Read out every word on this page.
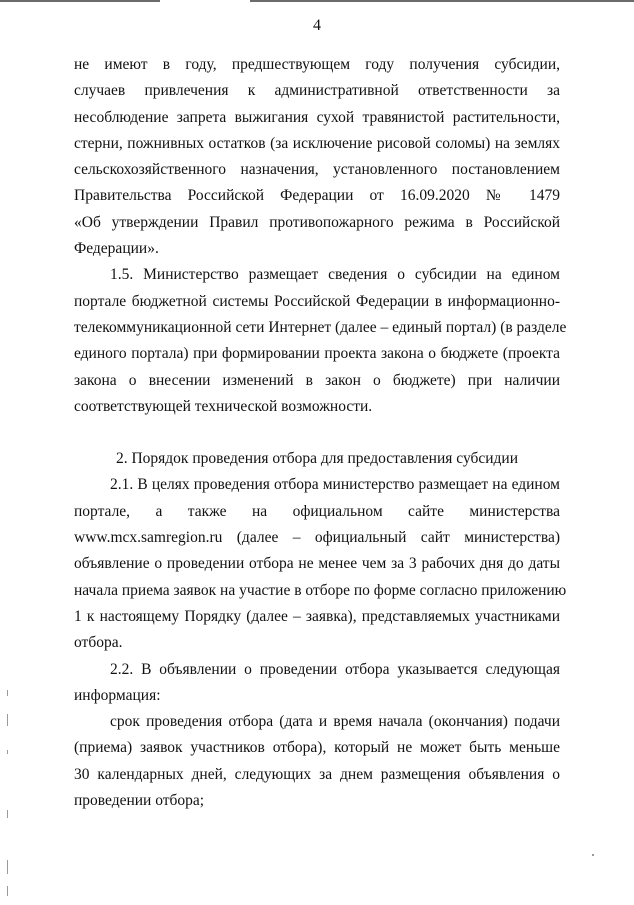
4

не имеют в году, предшествующем году получения субсидии,
случаев привлечения к административной ответственности за
несоблюдение запрета выжигания сухой травянистой растительности,
стерни, пожнивных остатков (за исключение рисовой соломы) на землях
сельскохозяйственного назначения, установленного постановлением
Правительства Российской Федерации от 16.09.2020 № 1479
«Об утверждении Правил противопожарного режима в Российской
Федерации».

1.5. Министерство размещает сведения о субсидии на едином
портале бюджетной системы Российской Федерации в информационно-
телекоммуникационной сети Интернет (далее – единый портал) (в разделе
единого портала) при формировании проекта закона о бюджете (проекта
закона о внесении изменений в закон о бюджете) при наличии
соответствующей технической возможности.

2. Порядок проведения отбора для предоставления субсидии

2.1. В целях проведения отбора министерство размещает на едином
портале, а также на официальном сайте министерства
www.mcx.samregion.ru (далее – официальный сайт министерства)
объявление о проведении отбора не менее чем за 3 рабочих дня до даты
начала приема заявок на участие в отборе по форме согласно приложению
1 к настоящему Порядку (далее – заявка), представляемых участниками
отбора.

2.2. В объявлении о проведении отбора указывается следующая
информация:

срок проведения отбора (дата и время начала (окончания) подачи
(приема) заявок участников отбора), который не может быть меньше
30 календарных дней, следующих за днем размещения объявления о
проведении отбора;
